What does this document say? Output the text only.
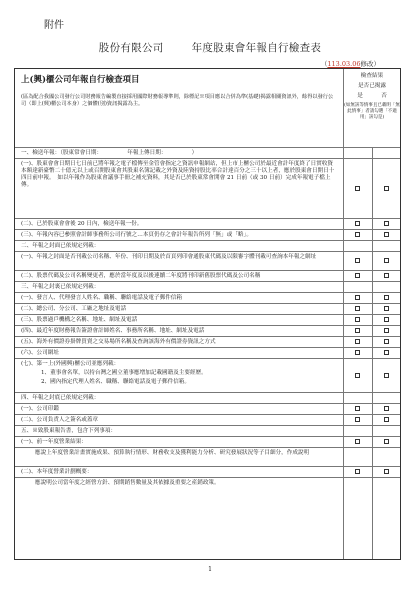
附件
股份有限公司	年度股東會年報自行檢查表
（113.03.06修改）
上(興)櫃公司年報自行檢查項目
(區為配合我國公司發行公司財務報告編製直接採用國際財務報導準則，除標記※項目應以合併為準(基礎)揭露相關資訊外，餘得以發行公司（即上(興)櫃公司本身）之個體(別)資訊揭露為主。
檢查結果
是否已揭露
是	否
(如無該等情事且已載明「無此情事」者請勾選「不適用」該勾是)
一、檢送年報：（股東常會日期：　　　　　年報上傳日期：　　　　　）
(一)、股東會會日期日七日前已將年報之電子檔傳至金管會指定之資訊申報網站，但上市上櫃公司於最近會計年度終了日實收資本額達新臺幣二十億元以上或召開股東會其股東名簿記載之外資及陸資持股比率合計達百分之三十以上者，應於股東會日開日十四日前申報。　如以年報作為股東會議事手冊之補充資料，其是否已於股東常會開會 21 日前（或 30 日前）完成年報電子檔上傳。
(二)、已於股東會會後 20 日內，檢送年報一份。
(三)、年報內容已參照會計師事務所公司行號之…本頁仍存之會計年報告所列「無」或「略」。
二、年報之封面已依規定列載：
(一)、年報之封面是否刊載公司名稱、年份、刊印日期及於首頁列印會通股東代碼及以限審字體刊載可查詢本年報之網址
(二)、股票代碼及公司名稱變更者，應於當年度及以後連續二年度將刊印新舊股票代碼及公司名稱
三、年報之封裏已依規定列載：
(一)、發言人、代理發言人姓名、職稱、聯絡電話及電子郵件信箱
(二)、總公司、分公司、工廠之地址及電話
(三)、股票過戶機構之名稱、地址、網址及電話
(四)、最近年度財務報告簽證會計師姓名、事務所名稱、地址、網址及電話
(五)、海外有價證券掛牌買賣之交易場所名稱及查詢該海外有價證券資訊之方式
(六)、公司網址
(七)、第一上(外國興)櫃公司並應列載：
1、董事會名單，以持台灣之國立董事應增加記載國籍及主要經歷。
2、國內指定代理人姓名、職稱、聯絡電話及電子郵件信箱。
四、年報之封底已依規定列載：
(一)、公司印鑑
(二)、公司負責人之簽名或蓋章
五、※致股東報告書，包含下列事項：
(一)、前一年度營業結果：
應說上年度營業計畫實施成果、預算執行情形、財務收支及獲利能力分析、研究發展狀況等子目細分，作成說明
(二)、本年度營業計劃概要：
應說明公司當年度之經營方針、預期銷售數量及其依據及重要之產銷政策。
1
